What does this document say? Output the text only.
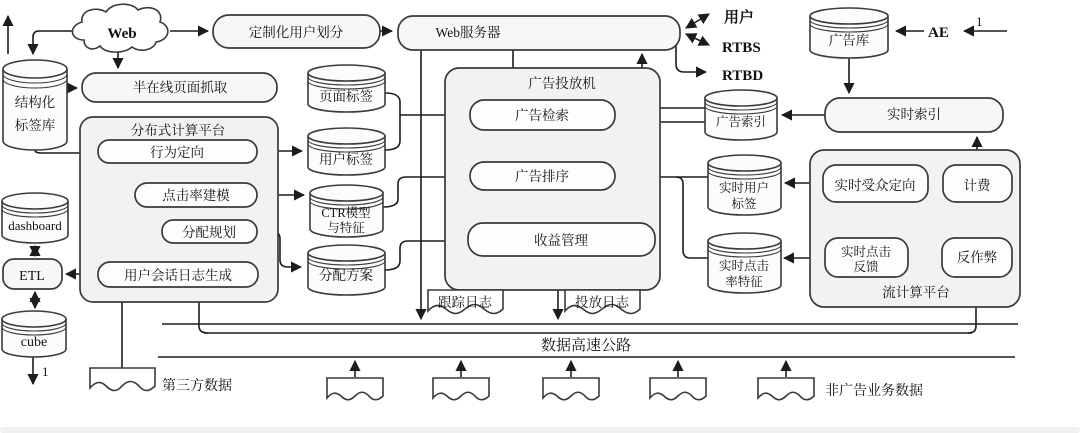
Web	定制化用户划分	Web服务器
用户
RTBS
RTBD
广告库	AE
1
实时索引
结构化
标签库
半在线页面抓取
dashboard
ETL
cube
1
分布式计算平台
行为定向
点击率建模
分配规划
用户会话日志生成
页面标签
用户标签
CTR模型
与特征
分配方案
广告投放机
广告检索
广告排序
收益管理
广告索引
实时用户
标签
实时点击
率特征
流计算平台
实时受众定向	计费
实时点击
反馈
反作弊
跟踪日志	投放日志
数据高速公路
第三方数据	非广告业务数据
